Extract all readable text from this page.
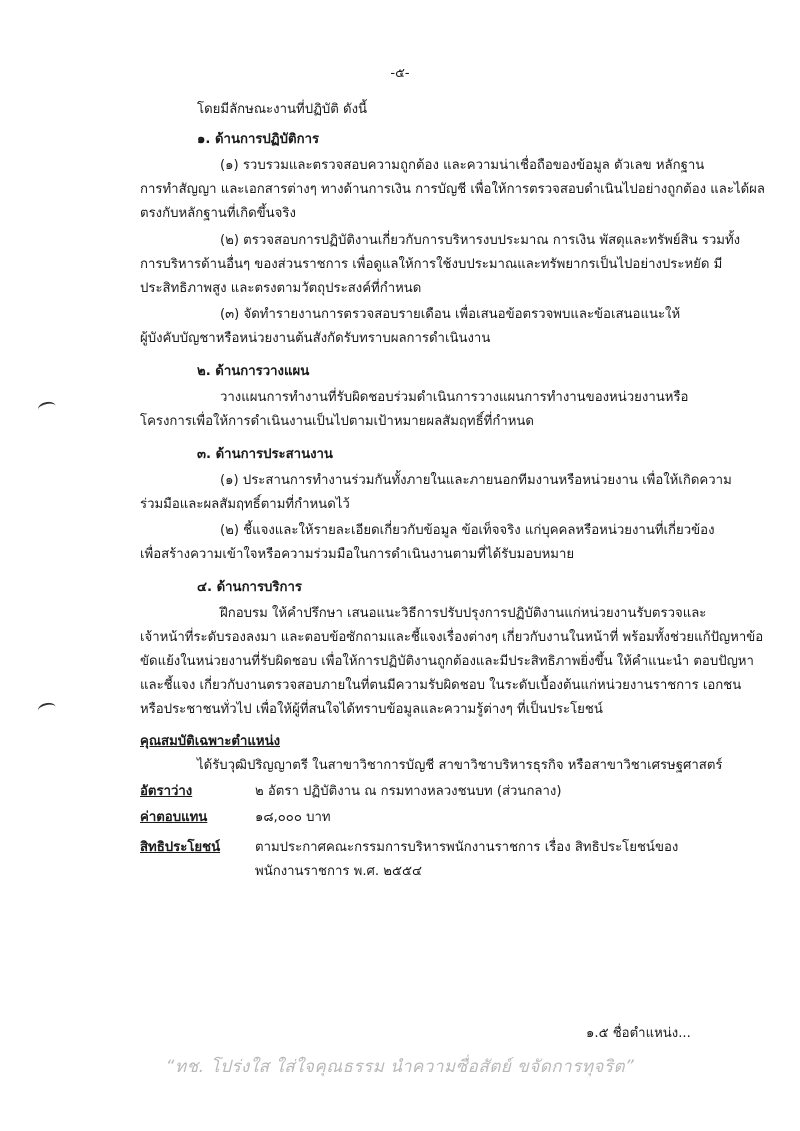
-๕-
โดยมีลักษณะงานที่ปฏิบัติ ดังนี้
๑. ด้านการปฏิบัติการ
(๑) รวบรวมและตรวจสอบความถูกต้อง และความน่าเชื่อถือของข้อมูล ตัวเลข หลักฐาน
การทำสัญญา และเอกสารต่างๆ ทางด้านการเงิน การบัญชี เพื่อให้การตรวจสอบดำเนินไปอย่างถูกต้อง และได้ผล
ตรงกับหลักฐานที่เกิดขึ้นจริง
(๒) ตรวจสอบการปฏิบัติงานเกี่ยวกับการบริหารงบประมาณ การเงิน พัสดุและทรัพย์สิน รวมทั้ง
การบริหารด้านอื่นๆ ของส่วนราชการ เพื่อดูแลให้การใช้งบประมาณและทรัพยากรเป็นไปอย่างประหยัด มี
ประสิทธิภาพสูง และตรงตามวัตถุประสงค์ที่กำหนด
(๓) จัดทำรายงานการตรวจสอบรายเดือน เพื่อเสนอข้อตรวจพบและข้อเสนอแนะให้
ผู้บังคับบัญชาหรือหน่วยงานต้นสังกัดรับทราบผลการดำเนินงาน
๒. ด้านการวางแผน
วางแผนการทำงานที่รับผิดชอบร่วมดำเนินการวางแผนการทำงานของหน่วยงานหรือ
โครงการเพื่อให้การดำเนินงานเป็นไปตามเป้าหมายผลสัมฤทธิ์ที่กำหนด
๓. ด้านการประสานงาน
(๑) ประสานการทำงานร่วมกันทั้งภายในและภายนอกทีมงานหรือหน่วยงาน เพื่อให้เกิดความ
ร่วมมือและผลสัมฤทธิ์ตามที่กำหนดไว้
(๒) ชี้แจงและให้รายละเอียดเกี่ยวกับข้อมูล ข้อเท็จจริง แก่บุคคลหรือหน่วยงานที่เกี่ยวข้อง
เพื่อสร้างความเข้าใจหรือความร่วมมือในการดำเนินงานตามที่ได้รับมอบหมาย
๔. ด้านการบริการ
ฝึกอบรม ให้คำปรึกษา เสนอแนะวิธีการปรับปรุงการปฏิบัติงานแก่หน่วยงานรับตรวจและ
เจ้าหน้าที่ระดับรองลงมา และตอบข้อซักถามและชี้แจงเรื่องต่างๆ เกี่ยวกับงานในหน้าที่ พร้อมทั้งช่วยแก้ปัญหาข้อ
ขัดแย้งในหน่วยงานที่รับผิดชอบ เพื่อให้การปฏิบัติงานถูกต้องและมีประสิทธิภาพยิ่งขึ้น ให้คำแนะนำ ตอบปัญหา
และชี้แจง เกี่ยวกับงานตรวจสอบภายในที่ตนมีความรับผิดชอบ ในระดับเบื้องต้นแก่หน่วยงานราชการ เอกชน
หรือประชาชนทั่วไป เพื่อให้ผู้ที่สนใจได้ทราบข้อมูลและความรู้ต่างๆ ที่เป็นประโยชน์
คุณสมบัติเฉพาะตำแหน่ง
ได้รับวุฒิปริญญาตรี ในสาขาวิชาการบัญชี สาขาวิชาบริหารธุรกิจ หรือสาขาวิชาเศรษฐศาสตร์
อัตราว่าง	๒ อัตรา ปฏิบัติงาน ณ กรมทางหลวงชนบท (ส่วนกลาง)
ค่าตอบแทน	๑๘,๐๐๐ บาท
สิทธิประโยชน์	ตามประกาศคณะกรรมการบริหารพนักงานราชการ เรื่อง สิทธิประโยชน์ของ
พนักงานราชการ พ.ศ. ๒๕๕๔
๑.๕ ชื่อตำแหน่ง...
“ทช. โปร่งใส ใส่ใจคุณธรรม นำความซื่อสัตย์ ขจัดการทุจริต”
